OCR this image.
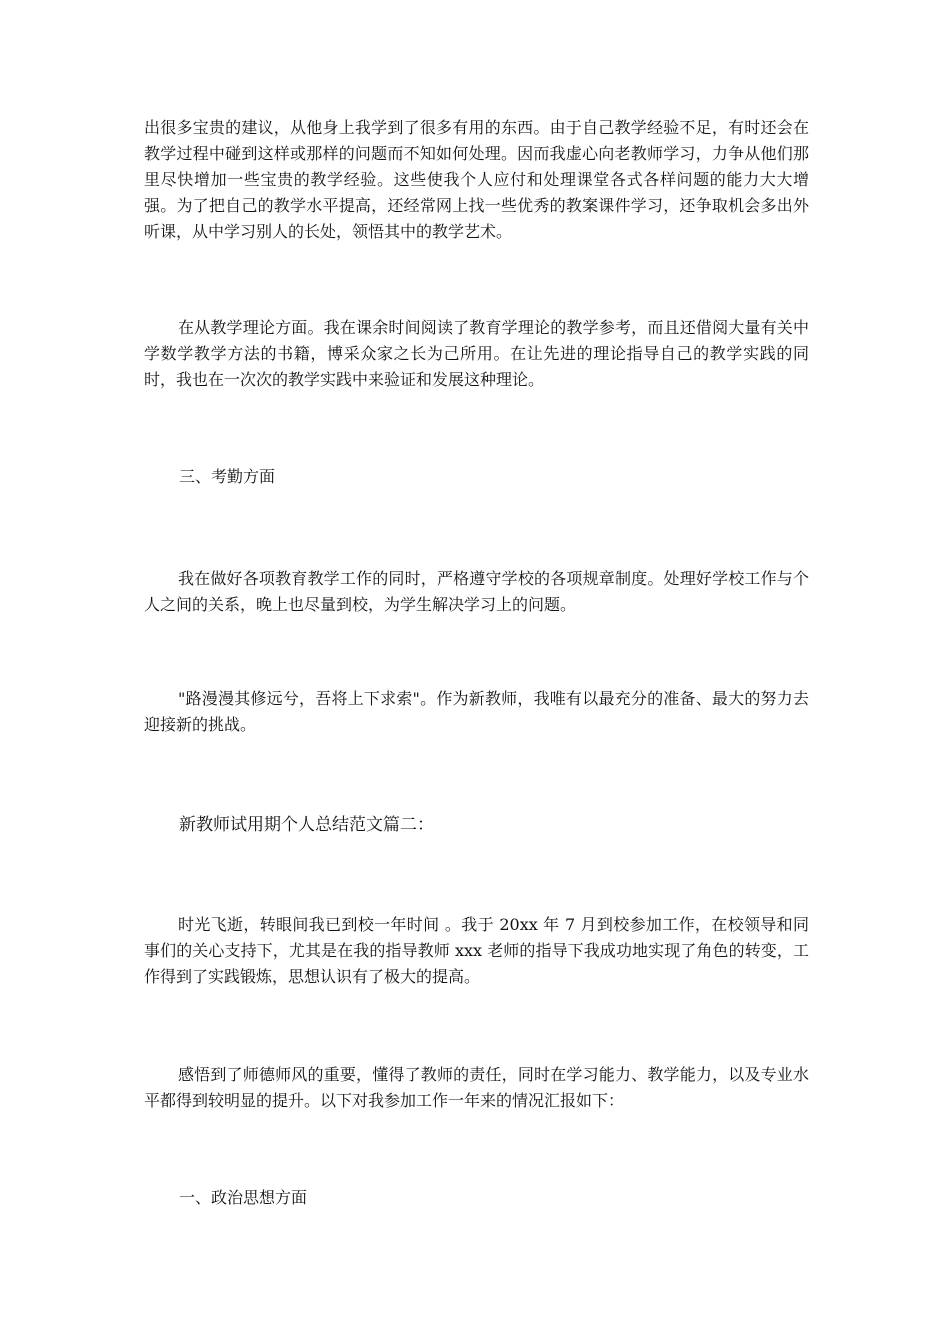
出很多宝贵的建议，从他身上我学到了很多有用的东西。由于自己教学经验不足，有时还会在教学过程中碰到这样或那样的问题而不知如何处理。因而我虚心向老教师学习，力争从他们那里尽快增加一些宝贵的教学经验。这些使我个人应付和处理课堂各式各样问题的能力大大增强。为了把自己的教学水平提高，还经常网上找一些优秀的教案课件学习，还争取机会多出外听课，从中学习别人的长处，领悟其中的教学艺术。

在从教学理论方面。我在课余时间阅读了教育学理论的教学参考，而且还借阅大量有关中学数学教学方法的书籍，博采众家之长为己所用。在让先进的理论指导自己的教学实践的同时，我也在一次次的教学实践中来验证和发展这种理论。

三、考勤方面

我在做好各项教育教学工作的同时，严格遵守学校的各项规章制度。处理好学校工作与个人之间的关系，晚上也尽量到校，为学生解决学习上的问题。

"路漫漫其修远兮，吾将上下求索"。作为新教师，我唯有以最充分的准备、最大的努力去迎接新的挑战。

新教师试用期个人总结范文篇二：

时光飞逝，转眼间我已到校一年时间 。我于 20xx 年 7 月到校参加工作，在校领导和同事们的关心支持下，尤其是在我的指导教师 xxx 老师的指导下我成功地实现了角色的转变，工作得到了实践锻炼，思想认识有了极大的提高。

感悟到了师德师风的重要，懂得了教师的责任，同时在学习能力、教学能力，以及专业水平都得到较明显的提升。以下对我参加工作一年来的情况汇报如下：

一、政治思想方面
